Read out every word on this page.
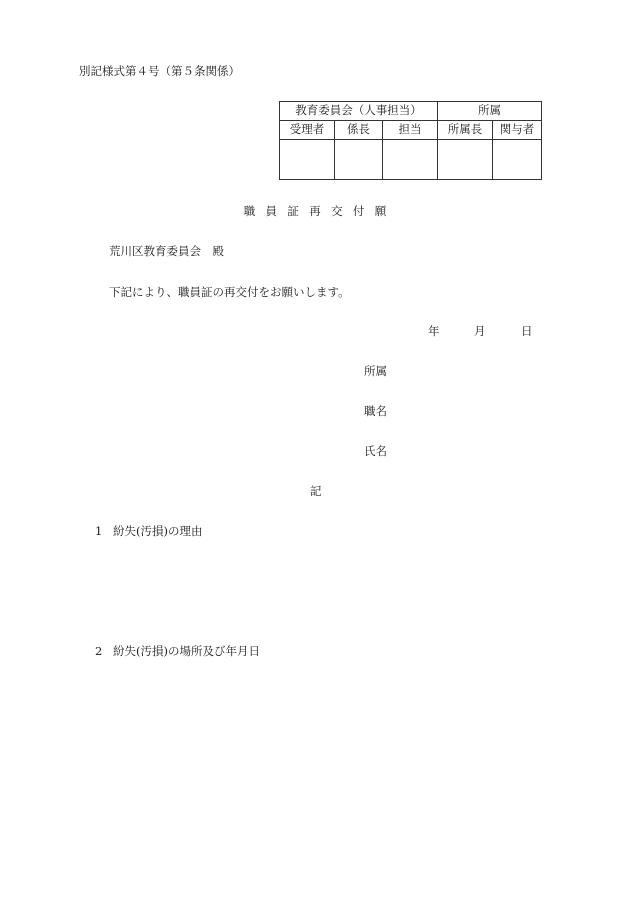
別記様式第４号（第５条関係）
教育委員会（人事担当）			所属	
受理者	係長	担当	所属長	関与者

職員証再交付願
荒川区教育委員会　殿
下記により、職員証の再交付をお願いします。
年	月	日
所属
職名
氏名
記
1 紛失(汚損)の理由
2 紛失(汚損)の場所及び年月日
